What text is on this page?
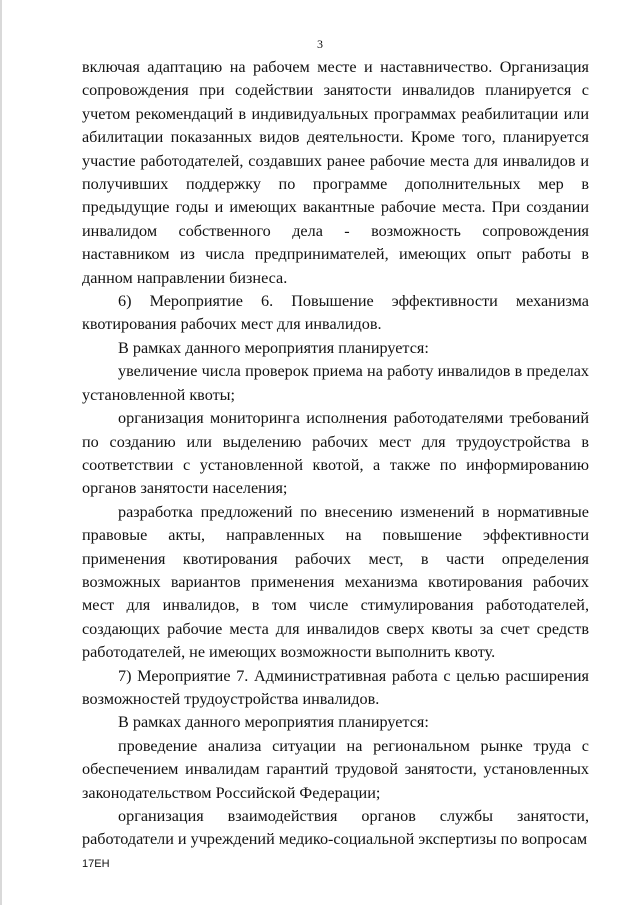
3

включая адаптацию на рабочем месте и наставничество. Организация сопровождения при содействии занятости инвалидов планируется с учетом рекомендаций в индивидуальных программах реабилитации или абилитации показанных видов деятельности. Кроме того, планируется участие работодателей, создавших ранее рабочие места для инвалидов и получивших поддержку по программе дополнительных мер в предыдущие годы и имеющих вакантные рабочие места. При создании инвалидом собственного дела - возможность сопровождения наставником из числа предпринимателей, имеющих опыт работы в данном направлении бизнеса.

6) Мероприятие 6. Повышение эффективности механизма квотирования рабочих мест для инвалидов.

В рамках данного мероприятия планируется:

увеличение числа проверок приема на работу инвалидов в пределах установленной квоты;

организация мониторинга исполнения работодателями требований по созданию или выделению рабочих мест для трудоустройства в соответствии с установленной квотой, а также по информированию органов занятости населения;

разработка предложений по внесению изменений в нормативные правовые акты, направленных на повышение эффективности применения квотирования рабочих мест, в части определения возможных вариантов применения механизма квотирования рабочих мест для инвалидов, в том числе стимулирования работодателей, создающих рабочие места для инвалидов сверх квоты за счет средств работодателей, не имеющих возможности выполнить квоту.

7) Мероприятие 7. Административная работа с целью расширения возможностей трудоустройства инвалидов.

В рамках данного мероприятия планируется:

проведение анализа ситуации на региональном рынке труда с обеспечением инвалидам гарантий трудовой занятости, установленных законодательством Российской Федерации;

организация взаимодействия органов службы занятости, работодатели и учреждений медико-социальной экспертизы по вопросам

17ЕН
